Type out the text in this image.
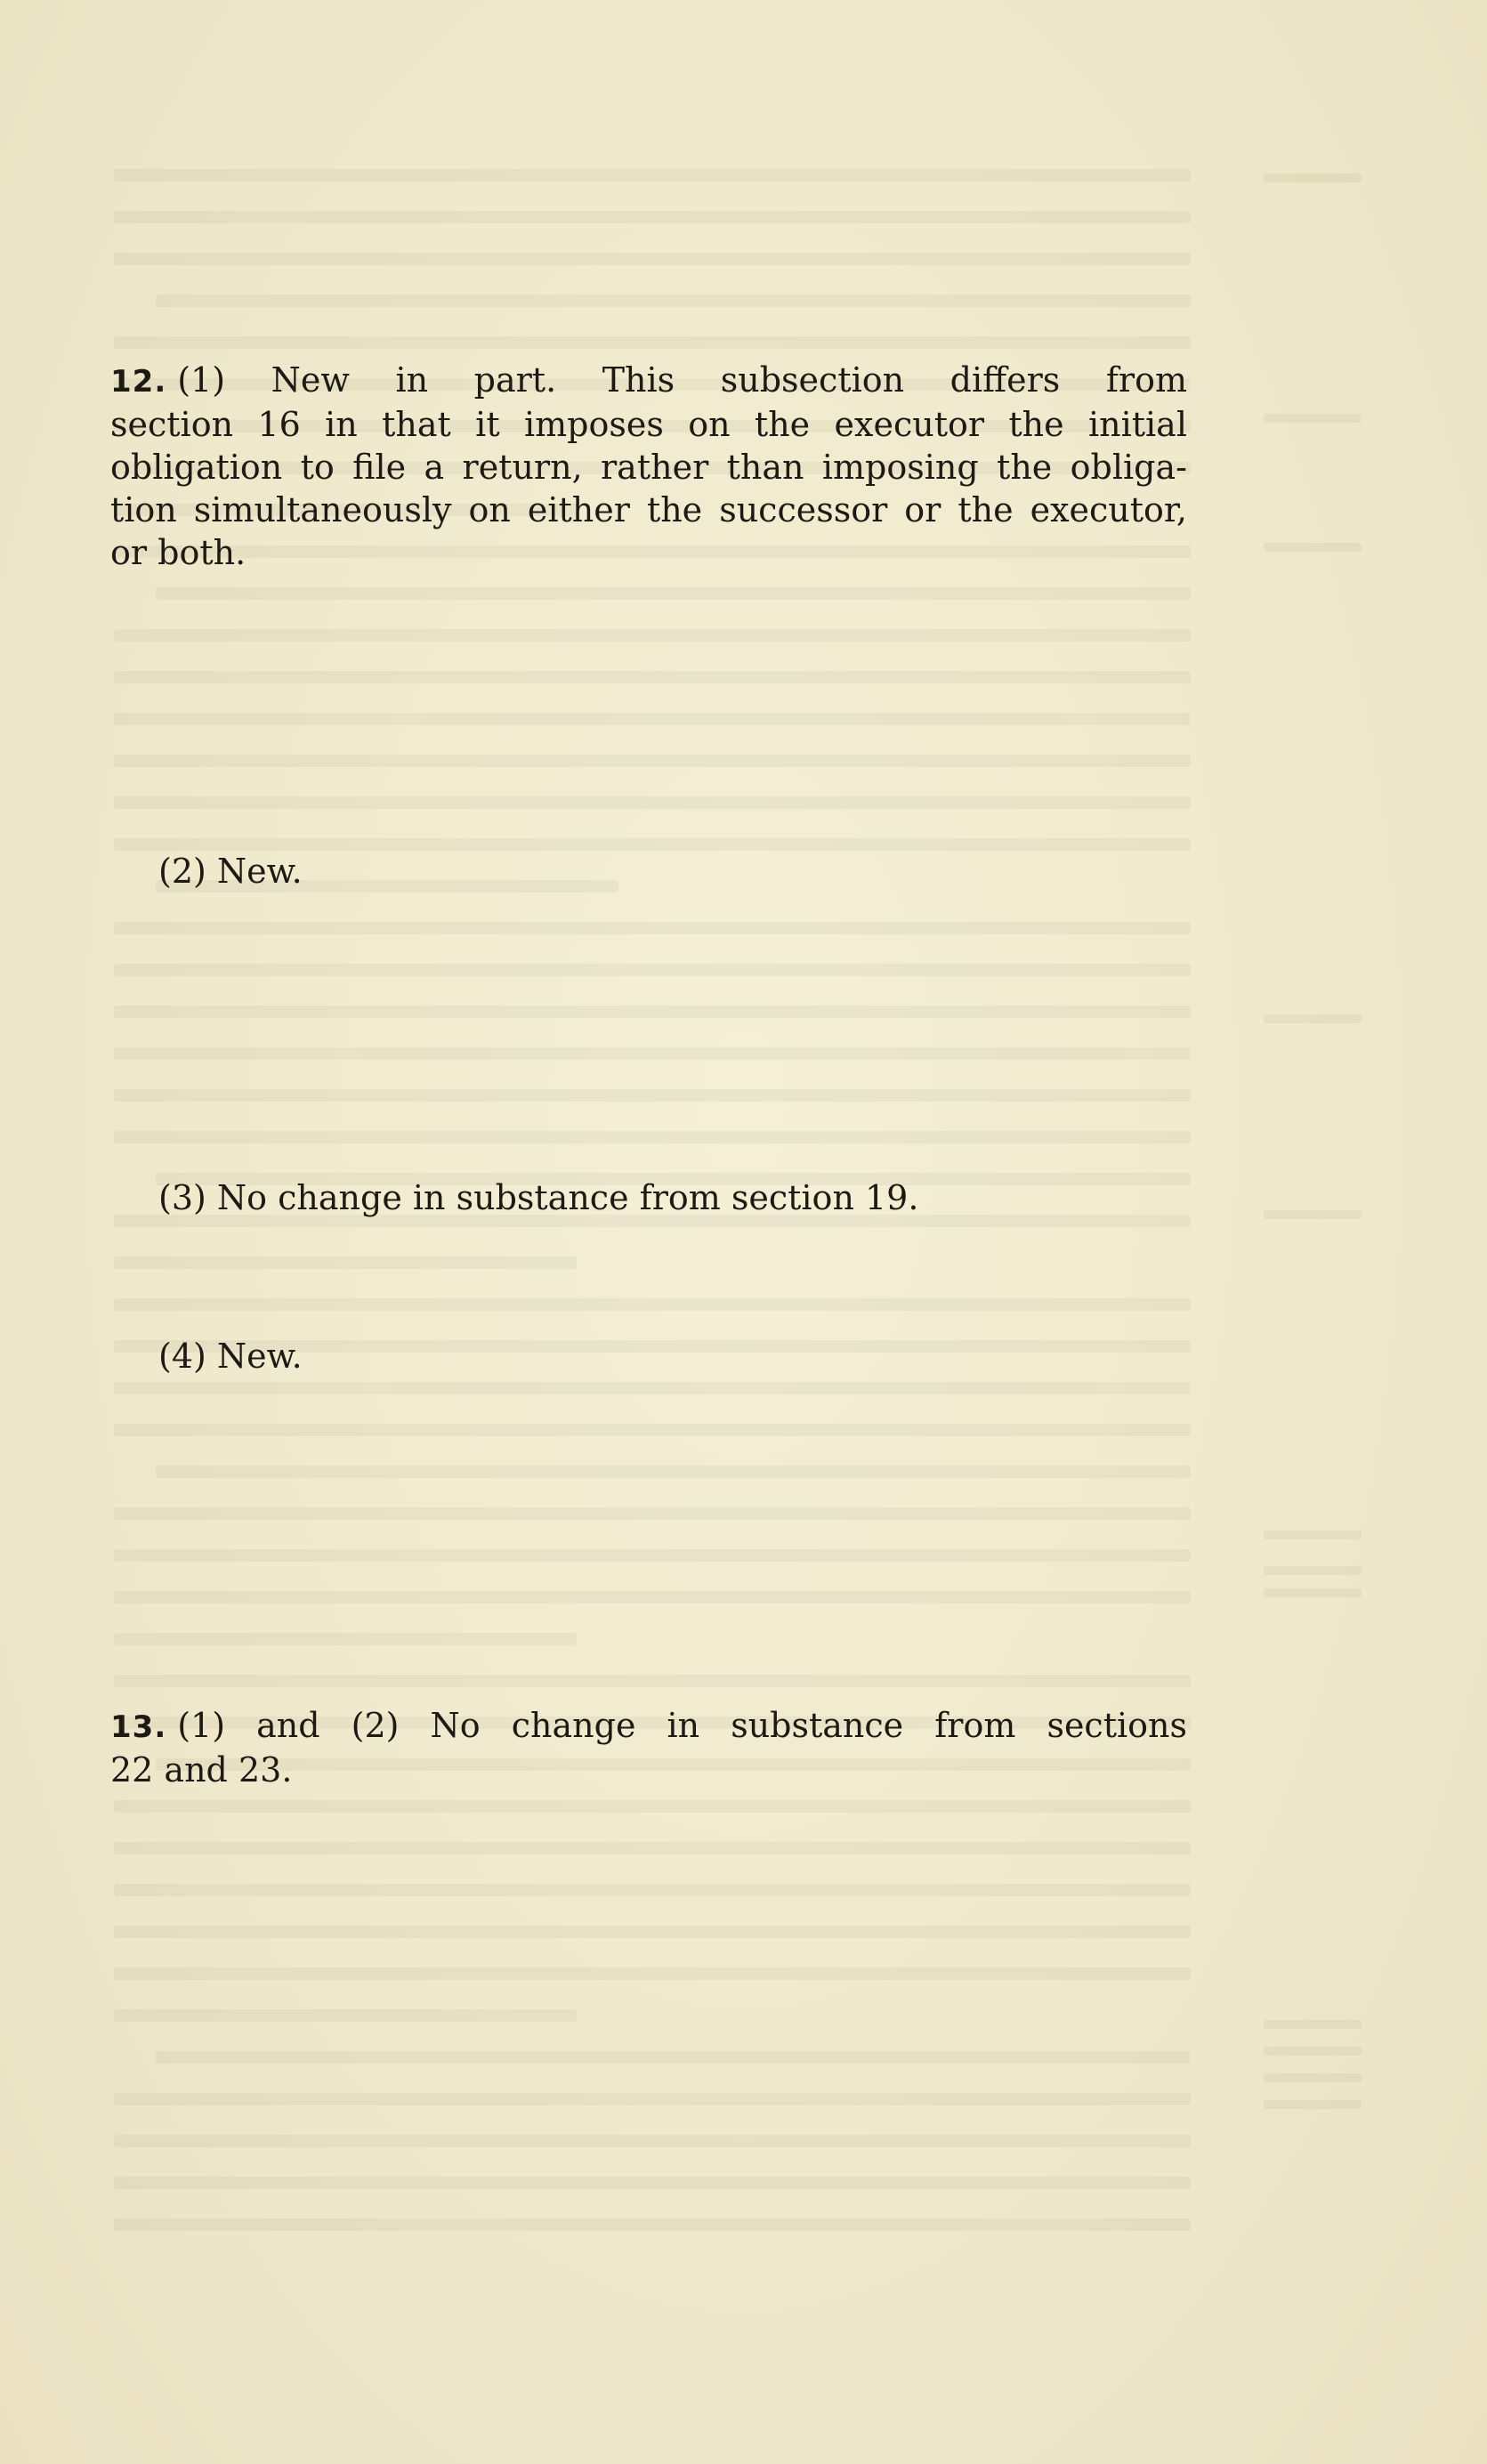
12. (1) New in part. This subsection differs from
section 16 in that it imposes on the executor the initial
obligation to file a return, rather than imposing the obliga-
tion simultaneously on either the successor or the executor,
or both.

(2) New.

(3) No change in substance from section 19.

(4) New.

13. (1) and (2) No change in substance from sections
22 and 23.
